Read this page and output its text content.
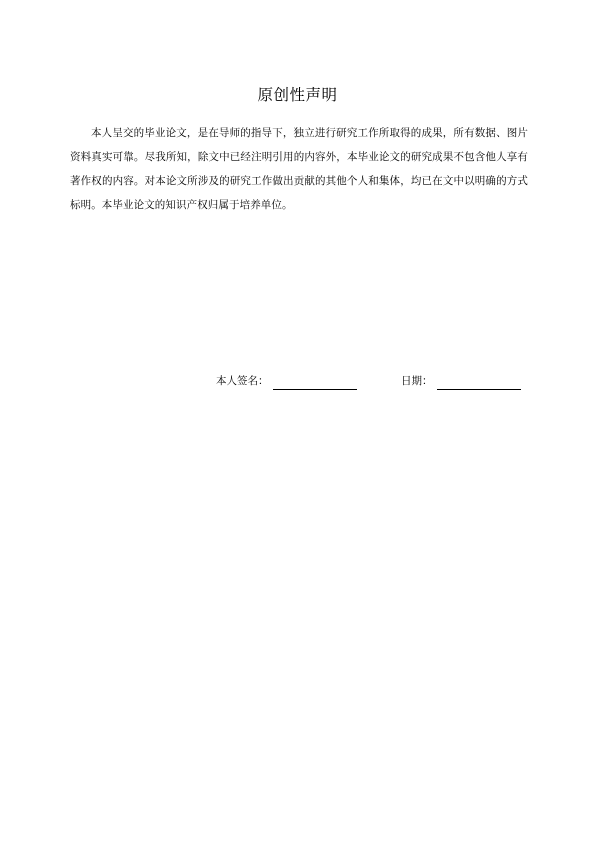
原创性声明

本人呈交的毕业论文，是在导师的指导下，独立进行研究工作所取得的成果，所有数据、图片资料真实可靠。尽我所知，除文中已经注明引用的内容外，本毕业论文的研究成果不包含他人享有著作权的内容。对本论文所涉及的研究工作做出贡献的其他个人和集体，均已在文中以明确的方式标明。本毕业论文的知识产权归属于培养单位。

本人签名：	日期：
